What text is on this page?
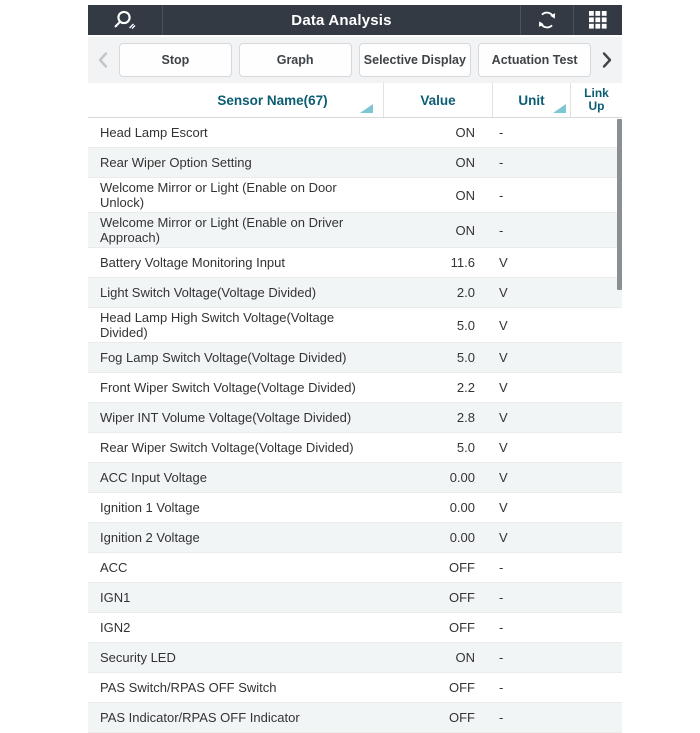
Data Analysis
Stop	Graph	Selective Display	Actuation Test
Sensor Name(67)	Value	Unit	Link Up
Head Lamp Escort	ON -
Rear Wiper Option Setting	ON -
Welcome Mirror or Light (Enable on Door Unlock)	ON -
Welcome Mirror or Light (Enable on Driver Approach)	ON -
Battery Voltage Monitoring Input	11.6 V
Light Switch Voltage(Voltage Divided)	2.0 V
Head Lamp High Switch Voltage(Voltage Divided)	5.0 V
Fog Lamp Switch Voltage(Voltage Divided)	5.0 V
Front Wiper Switch Voltage(Voltage Divided)	2.2 V
Wiper INT Volume Voltage(Voltage Divided)	2.8 V
Rear Wiper Switch Voltage(Voltage Divided)	5.0 V
ACC Input Voltage	0.00 V
Ignition 1 Voltage	0.00 V
Ignition 2 Voltage	0.00 V
ACC	OFF -
IGN1	OFF -
IGN2	OFF -
Security LED	ON -
PAS Switch/RPAS OFF Switch	OFF -
PAS Indicator/RPAS OFF Indicator	OFF -
